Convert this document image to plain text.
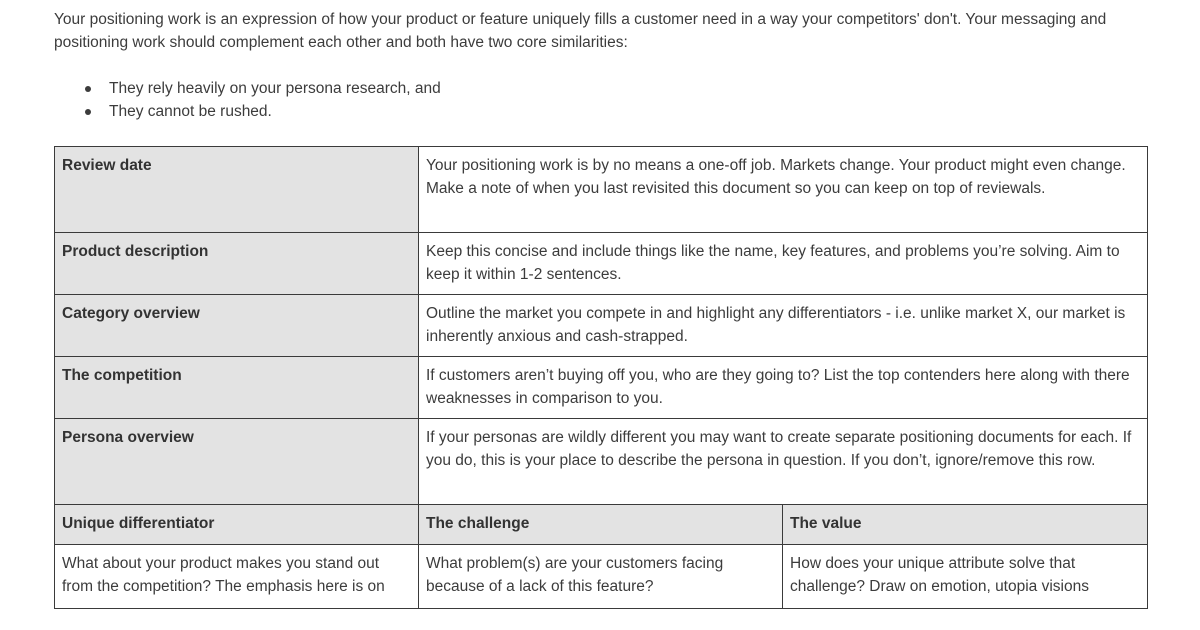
Your positioning work is an expression of how your product or feature uniquely fills a customer need in a way your competitors' don't. Your messaging and positioning work should complement each other and both have two core similarities:

They rely heavily on your persona research, and
They cannot be rushed.
Review date	Your positioning work is by no means a one-off job. Markets change. Your product might even change. Make a note of when you last revisited this document so you can keep on top of reviewals.	
Product description	Keep this concise and include things like the name, key features, and problems you’re solving. Aim to keep it within 1-2 sentences.	
Category overview	Outline the market you compete in and highlight any differentiators - i.e. unlike market X, our market is inherently anxious and cash-strapped.	
The competition	If customers aren’t buying off you, who are they going to? List the top contenders here along with there weaknesses in comparison to you.	
Persona overview	If your personas are wildly different you may want to create separate positioning documents for each. If you do, this is your place to describe the persona in question. If you don’t, ignore/remove this row.	
Unique differentiator	The challenge	The value
What about your product makes you stand out from the competition? The emphasis here is on	What problem(s) are your customers facing because of a lack of this feature?	How does your unique attribute solve that challenge? Draw on emotion, utopia visions
